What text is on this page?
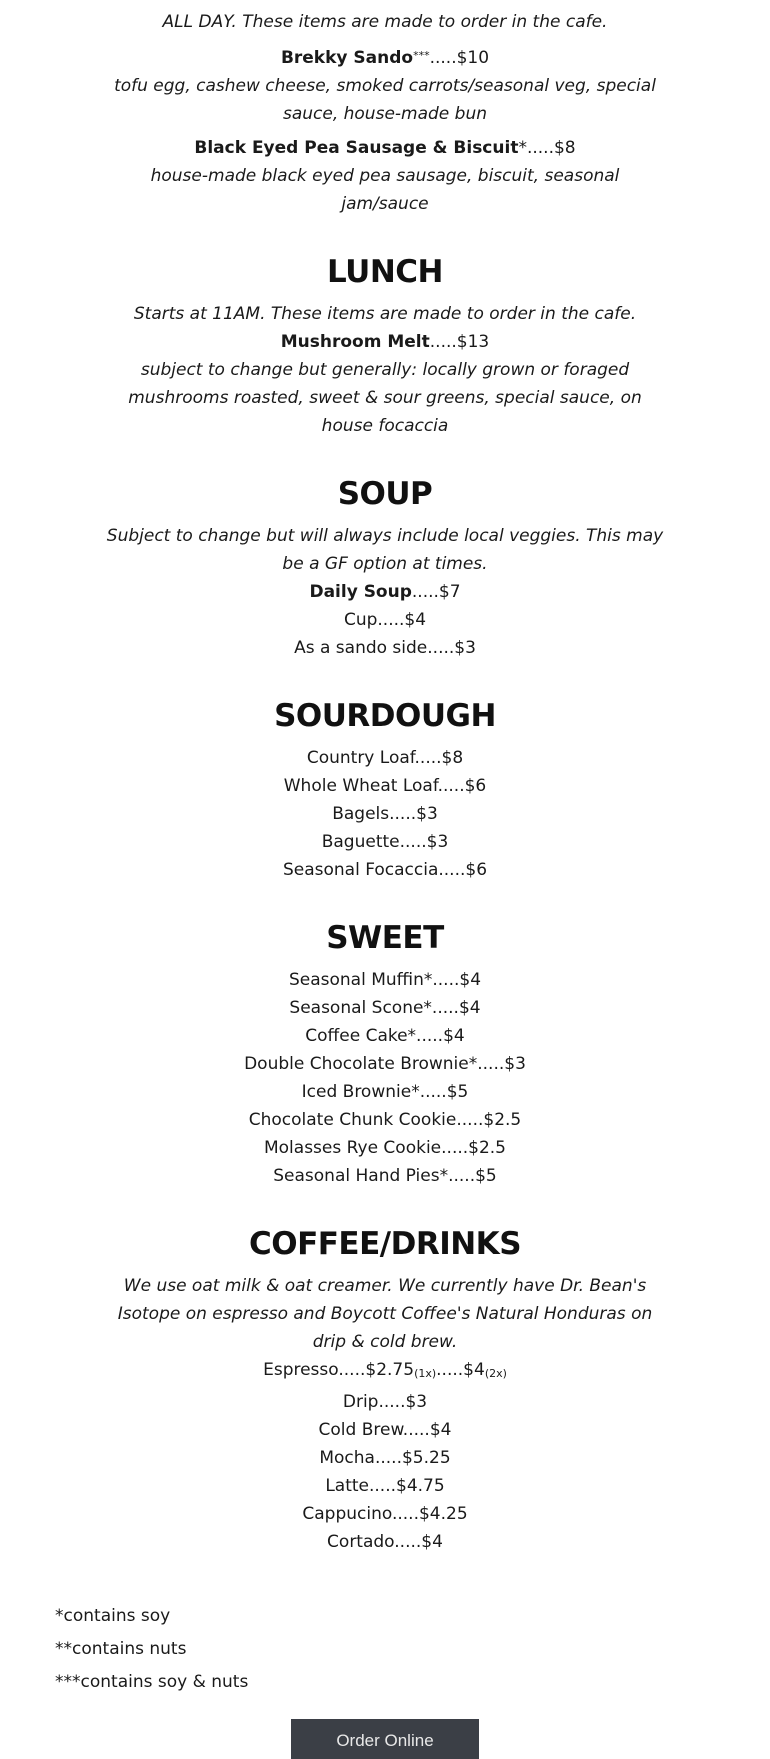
ALL DAY. These items are made to order in the cafe.

Brekky Sando***.....$10

tofu egg, cashew cheese, smoked carrots/seasonal veg, special sauce, house-made bun

Black Eyed Pea Sausage & Biscuit*.....$8

house-made black eyed pea sausage, biscuit, seasonal jam/sauce

LUNCH

Starts at 11AM. These items are made to order in the cafe.

Mushroom Melt.....$13

subject to change but generally: locally grown or foraged mushrooms roasted, sweet & sour greens, special sauce, on house focaccia

SOUP

Subject to change but will always include local veggies. This may be a GF option at times.

Daily Soup.....$7

Cup.....$4

As a sando side.....$3

SOURDOUGH

Country Loaf.....$8

Whole Wheat Loaf.....$6

Bagels.....$3

Baguette.....$3

Seasonal Focaccia.....$6

SWEET

Seasonal Muffin*.....$4

Seasonal Scone*.....$4

Coffee Cake*.....$4

Double Chocolate Brownie*.....$3

Iced Brownie*.....$5

Chocolate Chunk Cookie.....$2.5

Molasses Rye Cookie.....$2.5

Seasonal Hand Pies*.....$5

COFFEE/DRINKS

We use oat milk & oat creamer. We currently have Dr. Bean's Isotope on espresso and Boycott Coffee's Natural Honduras on drip & cold brew.

$Espresso.....\$2.75_{(1x)}.....\$4_{(2x)}$

Drip.....$3

Cold Brew.....$4

Mocha.....$5.25

Latte.....$4.75

Cappucino.....$4.25

Cortado.....$4

*contains soy

**contains nuts

***contains soy & nuts

Order Online
